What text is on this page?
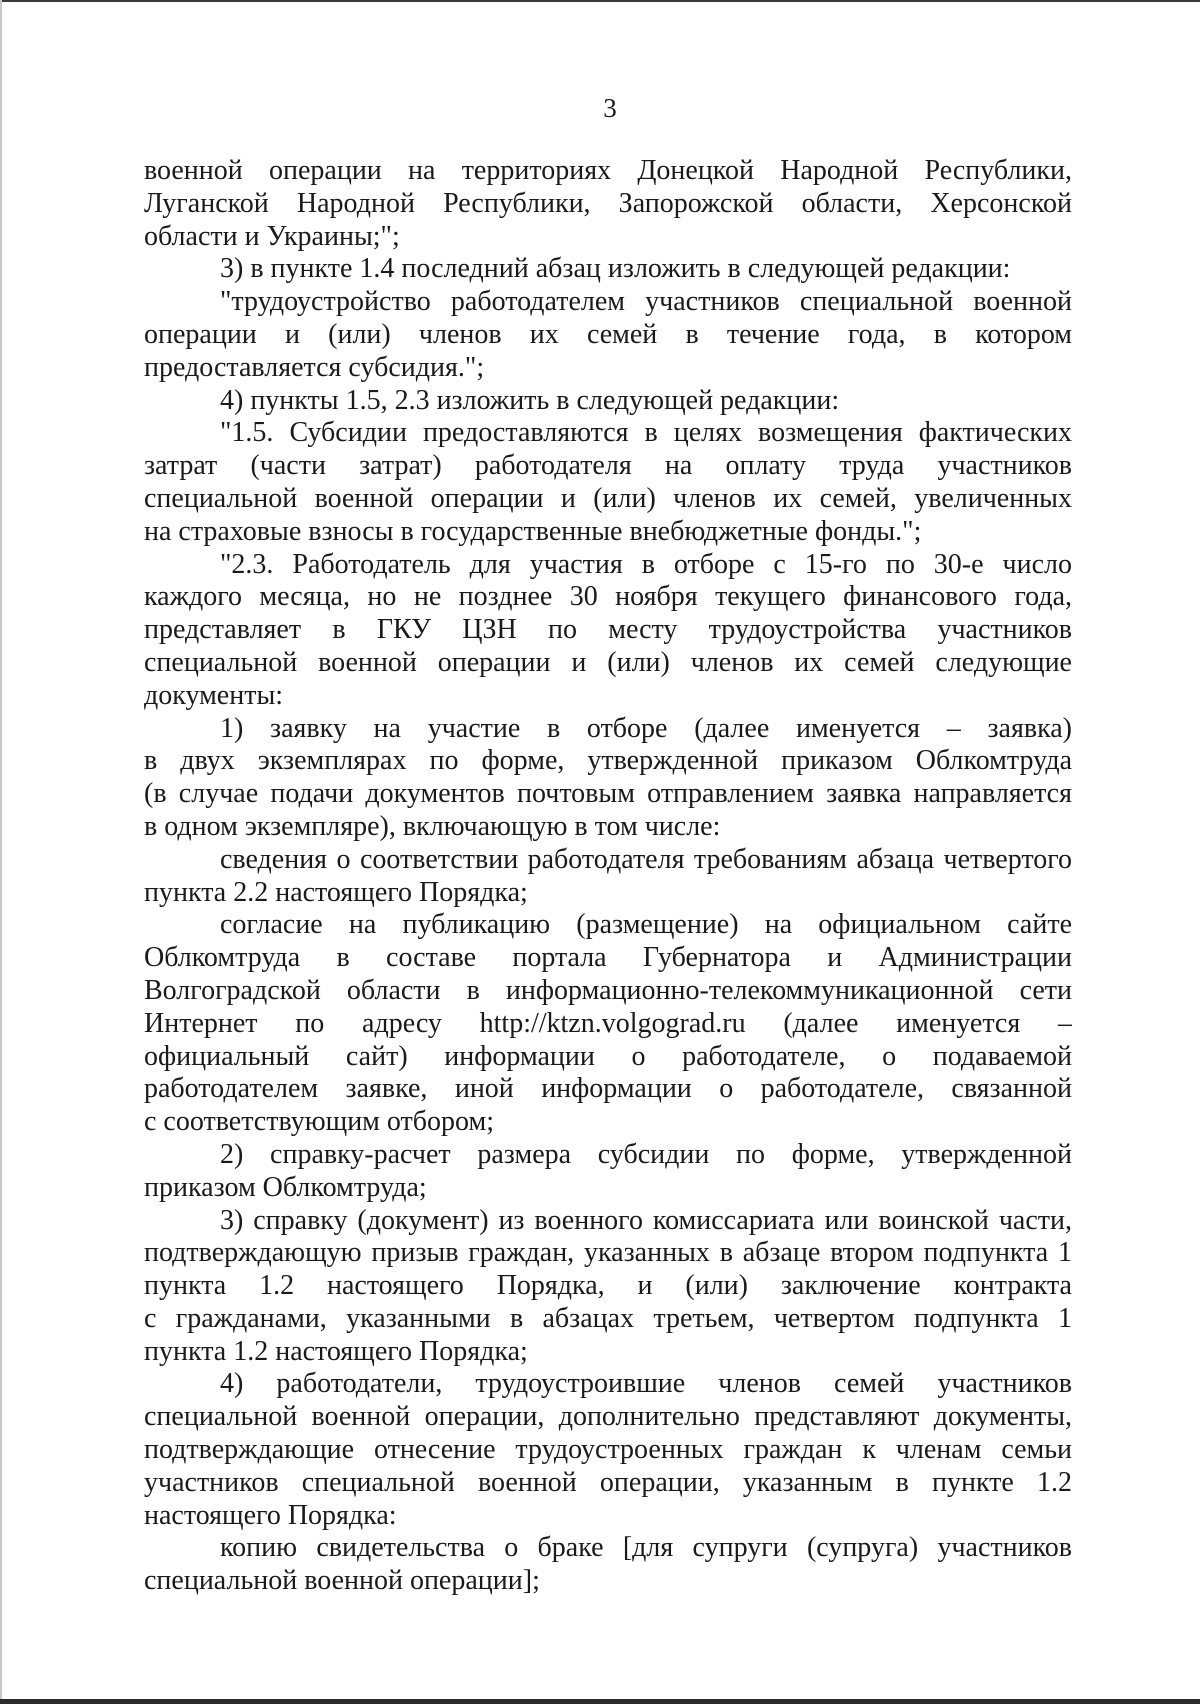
3
военной операции на территориях Донецкой Народной Республики,
Луганской Народной Республики, Запорожской области, Херсонской
области и Украины;";
3) в пункте 1.4 последний абзац изложить в следующей редакции:
"трудоустройство работодателем участников специальной военной
операции и (или) членов их семей в течение года, в котором
предоставляется субсидия.";
4) пункты 1.5, 2.3 изложить в следующей редакции:
"1.5. Субсидии предоставляются в целях возмещения фактических
затрат (части затрат) работодателя на оплату труда участников
специальной военной операции и (или) членов их семей, увеличенных
на страховые взносы в государственные внебюджетные фонды.";
"2.3. Работодатель для участия в отборе с 15-го по 30-е число
каждого месяца, но не позднее 30 ноября текущего финансового года,
представляет в ГКУ ЦЗН по месту трудоустройства участников
специальной военной операции и (или) членов их семей следующие
документы:
1) заявку на участие в отборе (далее именуется – заявка)
в двух экземплярах по форме, утвержденной приказом Облкомтруда
(в случае подачи документов почтовым отправлением заявка направляется
в одном экземпляре), включающую в том числе:
сведения о соответствии работодателя требованиям абзаца четвертого
пункта 2.2 настоящего Порядка;
согласие на публикацию (размещение) на официальном сайте
Облкомтруда в составе портала Губернатора и Администрации
Волгоградской области в информационно-телекоммуникационной сети
Интернет по адресу http://ktzn.volgograd.ru (далее именуется –
официальный сайт) информации о работодателе, о подаваемой
работодателем заявке, иной информации о работодателе, связанной
с соответствующим отбором;
2) справку-расчет размера субсидии по форме, утвержденной
приказом Облкомтруда;
3) справку (документ) из военного комиссариата или воинской части,
подтверждающую призыв граждан, указанных в абзаце втором подпункта 1
пункта 1.2 настоящего Порядка, и (или) заключение контракта
с гражданами, указанными в абзацах третьем, четвертом подпункта 1
пункта 1.2 настоящего Порядка;
4) работодатели, трудоустроившие членов семей участников
специальной военной операции, дополнительно представляют документы,
подтверждающие отнесение трудоустроенных граждан к членам семьи
участников специальной военной операции, указанным в пункте 1.2
настоящего Порядка:
копию свидетельства о браке [для супруги (супруга) участников
специальной военной операции];
